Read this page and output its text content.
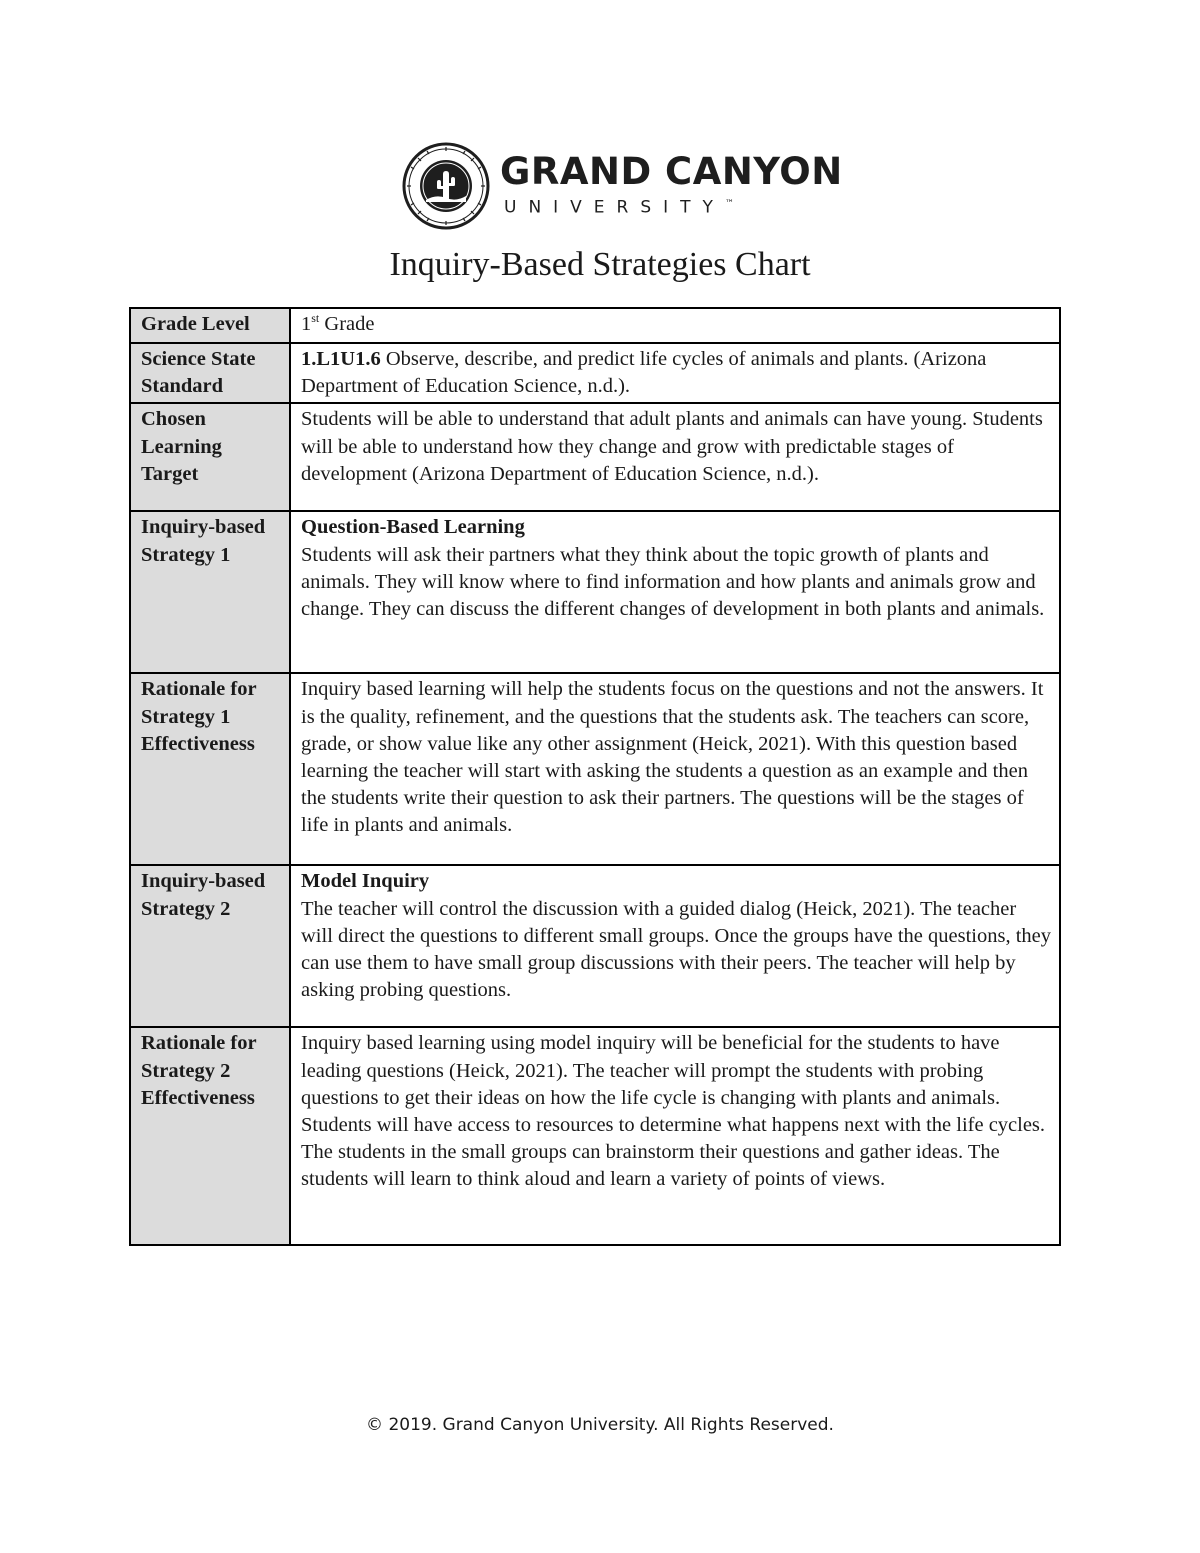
GRAND CANYON
UNIVERSITY™
Inquiry-Based Strategies Chart
Grade Level	1st Grade
Science State Standard	1.L1U1.6 Observe, describe, and predict life cycles of animals and plants. (Arizona Department of Education Science, n.d.).
Chosen Learning Target	Students will be able to understand that adult plants and animals can have young. Students will be able to understand how they change and grow with predictable stages of development (Arizona Department of Education Science, n.d.).
Inquiry-based Strategy 1	Question-Based Learning
Students will ask their partners what they think about the topic growth of plants and animals. They will know where to find information and how plants and animals grow and change. They can discuss the different changes of development in both plants and animals.
Rationale for Strategy 1 Effectiveness	Inquiry based learning will help the students focus on the questions and not the answers. It is the quality, refinement, and the questions that the students ask. The teachers can score, grade, or show value like any other assignment (Heick, 2021). With this question based learning the teacher will start with asking the students a question as an example and then the students write their question to ask their partners. The questions will be the stages of life in plants and animals.
Inquiry-based Strategy 2	Model Inquiry
The teacher will control the discussion with a guided dialog (Heick, 2021). The teacher will direct the questions to different small groups. Once the groups have the questions, they can use them to have small group discussions with their peers. The teacher will help by asking probing questions.
Rationale for Strategy 2 Effectiveness	Inquiry based learning using model inquiry will be beneficial for the students to have leading questions (Heick, 2021). The teacher will prompt the students with probing questions to get their ideas on how the life cycle is changing with plants and animals. Students will have access to resources to determine what happens next with the life cycles. The students in the small groups can brainstorm their questions and gather ideas. The students will learn to think aloud and learn a variety of points of views.
© 2019. Grand Canyon University. All Rights Reserved.
